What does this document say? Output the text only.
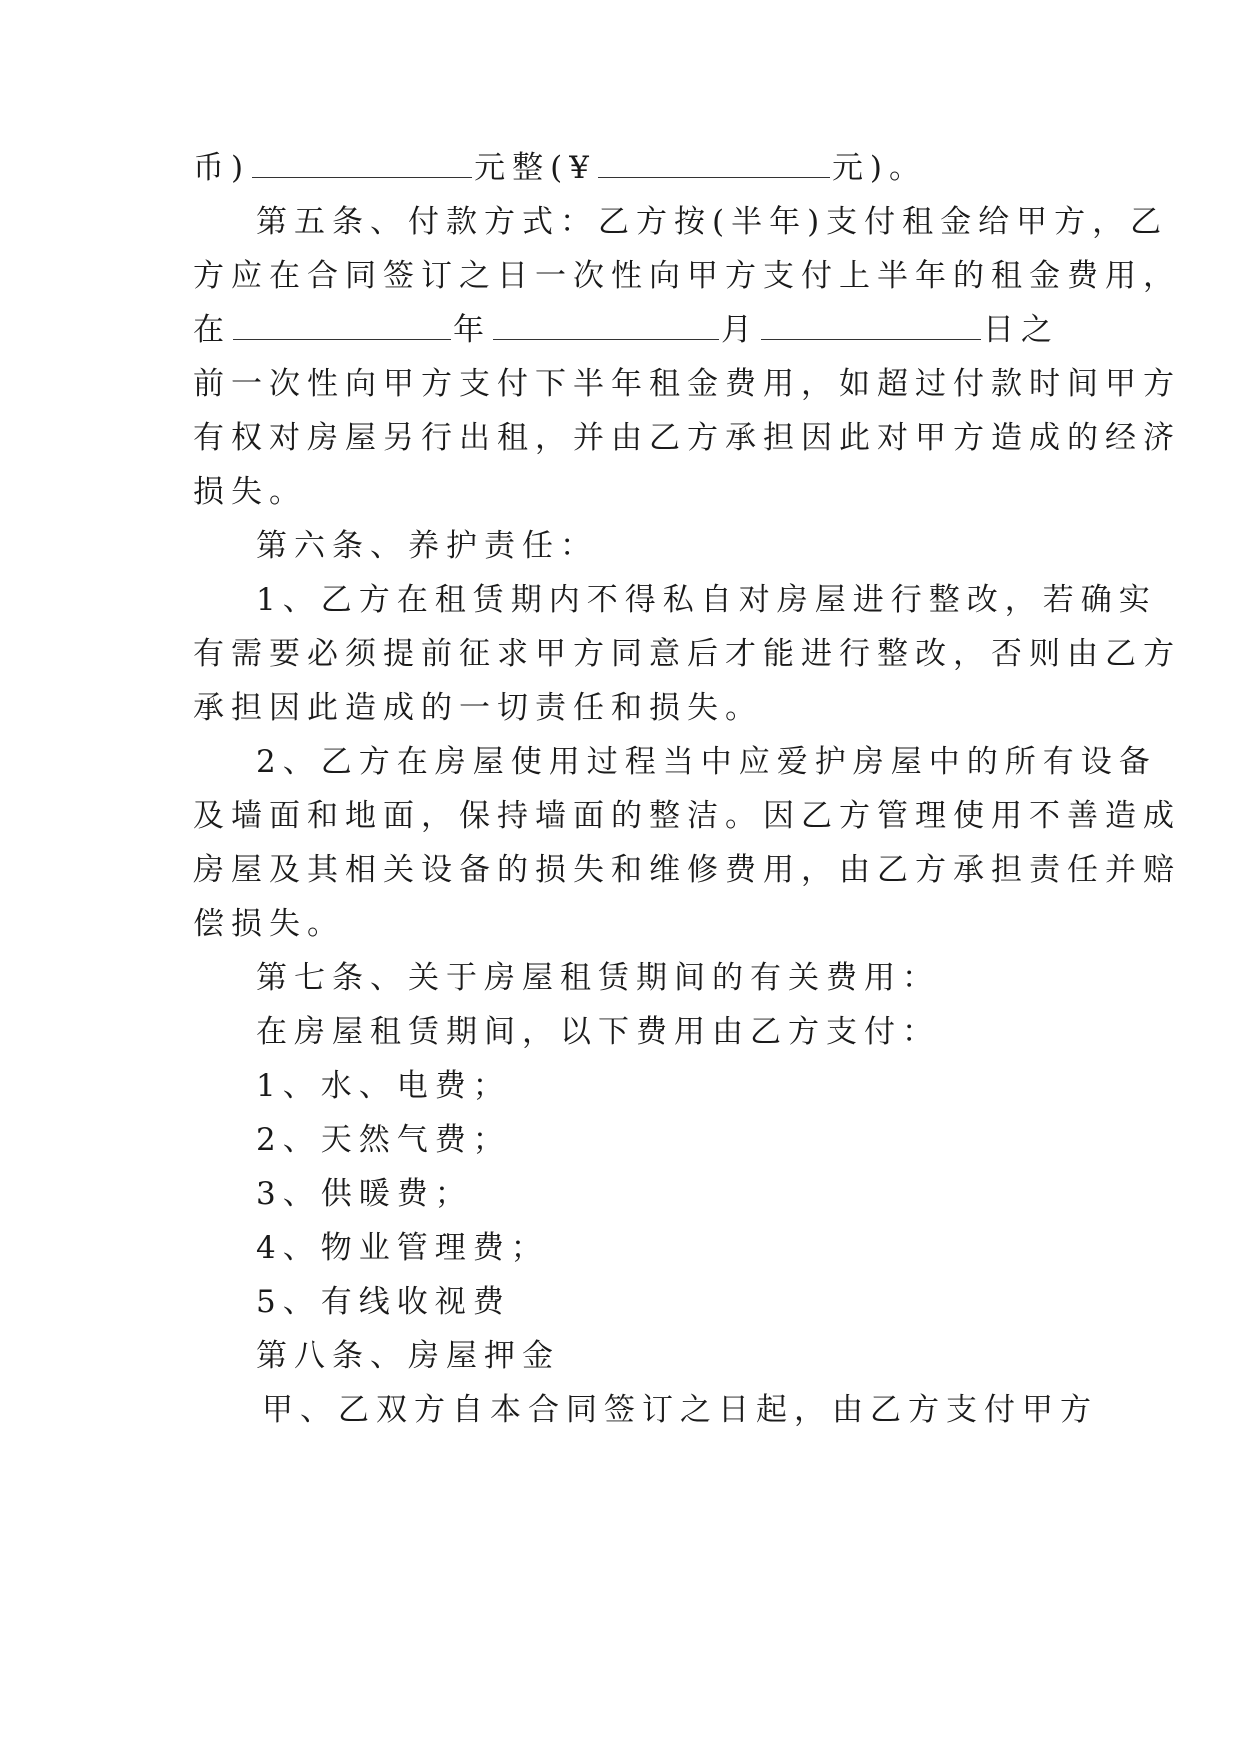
币)	元整(¥	元)。
第五条、付款方式：乙方按(半年)支付租金给甲方，乙
方应在合同签订之日一次性向甲方支付上半年的租金费用，
在	年	月	日之
前一次性向甲方支付下半年租金费用，如超过付款时间甲方
有权对房屋另行出租，并由乙方承担因此对甲方造成的经济
损失。
第六条、养护责任：
1、乙方在租赁期内不得私自对房屋进行整改，若确实
有需要必须提前征求甲方同意后才能进行整改，否则由乙方
承担因此造成的一切责任和损失。
2、乙方在房屋使用过程当中应爱护房屋中的所有设备
及墙面和地面，保持墙面的整洁。因乙方管理使用不善造成
房屋及其相关设备的损失和维修费用，由乙方承担责任并赔
偿损失。
第七条、关于房屋租赁期间的有关费用：
在房屋租赁期间，以下费用由乙方支付：
1、水、电费；
2、天然气费；
3、供暖费；
4、物业管理费；
5、有线收视费
第八条、房屋押金
甲、乙双方自本合同签订之日起，由乙方支付甲方
